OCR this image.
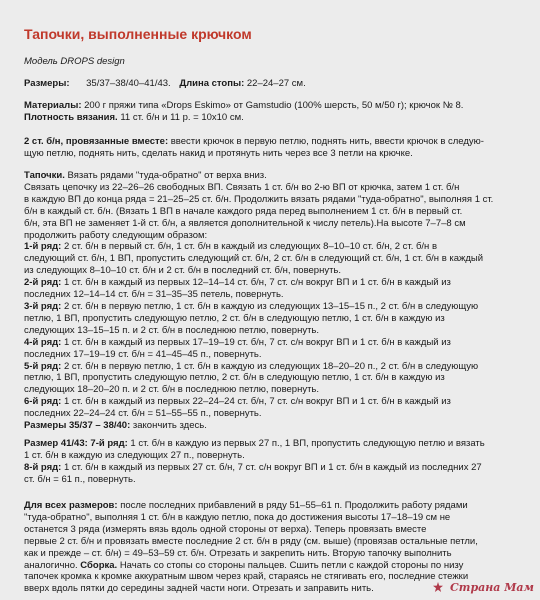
Тапочки, выполненные крючком
Модель DROPS design
Размеры: 35/37–38/40–41/43. Длина стопы: 22–24–27 см.
Материалы: 200 г пряжи типа «Drops Eskimo» от Gamstudio (100% шерсть, 50 м/50 г); крючок № 8.
Плотность вязания. 11 ст. б/н и 11 р. = 10х10 см.
2 ст. б/н, провязанные вместе: ввести крючок в первую петлю, поднять нить, ввести крючок в следую-
щую петлю, поднять нить, сделать накид и протянуть нить через все 3 петли на крючке.
Тапочки. Вязать рядами "туда-обратно" от верха вниз.
Связать цепочку из 22–26–26 свободных ВП. Связать 1 ст. б/н во 2-ю ВП от крючка, затем 1 ст. б/н
в каждую ВП до конца ряда = 21–25–25 ст. б/н. Продолжить вязать рядами "туда-обратно", выполняя 1 ст.
б/н в каждый ст. б/н. (Вязать 1 ВП в начале каждого ряда перед выполнением 1 ст. б/н в первый ст.
б/н, эта ВП не заменяет 1-й ст. б/н, а является дополнительной к числу петель).На высоте 7–7–8 см
продолжить работу следующим образом:
1-й ряд: 2 ст. б/н в первый ст. б/н, 1 ст. б/н в каждый из следующих 8–10–10 ст. б/н, 2 ст. б/н в
следующий ст. б/н, 1 ВП, пропустить следующий ст. б/н, 2 ст. б/н в следующий ст. б/н, 1 ст. б/н в каждый
из следующих 8–10–10 ст. б/н и 2 ст. б/н в последний ст. б/н, повернуть.
2-й ряд: 1 ст. б/н в каждый из первых 12–14–14 ст. б/н, 7 ст. с/н вокруг ВП и 1 ст. б/н в каждый из
последних 12–14–14 ст. б/н = 31–35–35 петель, повернуть.
3-й ряд: 2 ст. б/н в первую петлю, 1 ст. б/н в каждую из следующих 13–15–15 п., 2 ст. б/н в следующую
петлю, 1 ВП, пропустить следующую петлю, 2 ст. б/н в следующую петлю, 1 ст. б/н в каждую из
следующих 13–15–15 п. и 2 ст. б/н в последнюю петлю, повернуть.
4-й ряд: 1 ст. б/н в каждый из первых 17–19–19 ст. б/н, 7 ст. с/н вокруг ВП и 1 ст. б/н в каждый из
последних 17–19–19 ст. б/н = 41–45–45 п., повернуть.
5-й ряд: 2 ст. б/н в первую петлю, 1 ст. б/н в каждую из следующих 18–20–20 п., 2 ст. б/н в следующую
петлю, 1 ВП, пропустить следующую петлю, 2 ст. б/н в следующую петлю, 1 ст. б/н в каждую из
следующих 18–20–20 п. и 2 ст. б/н в последнюю петлю, повернуть.
6-й ряд: 1 ст. б/н в каждый из первых 22–24–24 ст. б/н, 7 ст. с/н вокруг ВП и 1 ст. б/н в каждый из
последних 22–24–24 ст. б/н = 51–55–55 п., повернуть.
Размеры 35/37 – 38/40: закончить здесь.
Размер 41/43: 7-й ряд: 1 ст. б/н в каждую из первых 27 п., 1 ВП, пропустить следующую петлю и вязать
1 ст. б/н в каждую из следующих 27 п., повернуть.
8-й ряд: 1 ст. б/н в каждый из первых 27 ст. б/н, 7 ст. с/н вокруг ВП и 1 ст. б/н в каждый из последних 27
ст. б/н = 61 п., повернуть.
Для всех размеров: после последних прибавлений в ряду 51–55–61 п. Продолжить работу рядами
"туда-обратно", выполняя 1 ст. б/н в каждую петлю, пока до достижения высоты 17–18–19 см не
останется 3 ряда (измерять вязь вдоль одной стороны от верха). Теперь провязать вместе
первые 2 ст. б/н и провязать вместе последние 2 ст. б/н в ряду (см. выше) (провязав остальные петли,
как и прежде – ст. б/н) = 49–53–59 ст. б/н. Отрезать и закрепить нить. Вторую тапочку выполнить
аналогично. Сборка. Начать со стопы со стороны пальцев. Сшить петли с каждой стороны по низу
тапочек кромка к кромке аккуратным швом через край, стараясь не стягивать его, последние стежки
вверх вдоль пятки до середины задней части ноги. Отрезать и заправить нить.	Страна Мам
